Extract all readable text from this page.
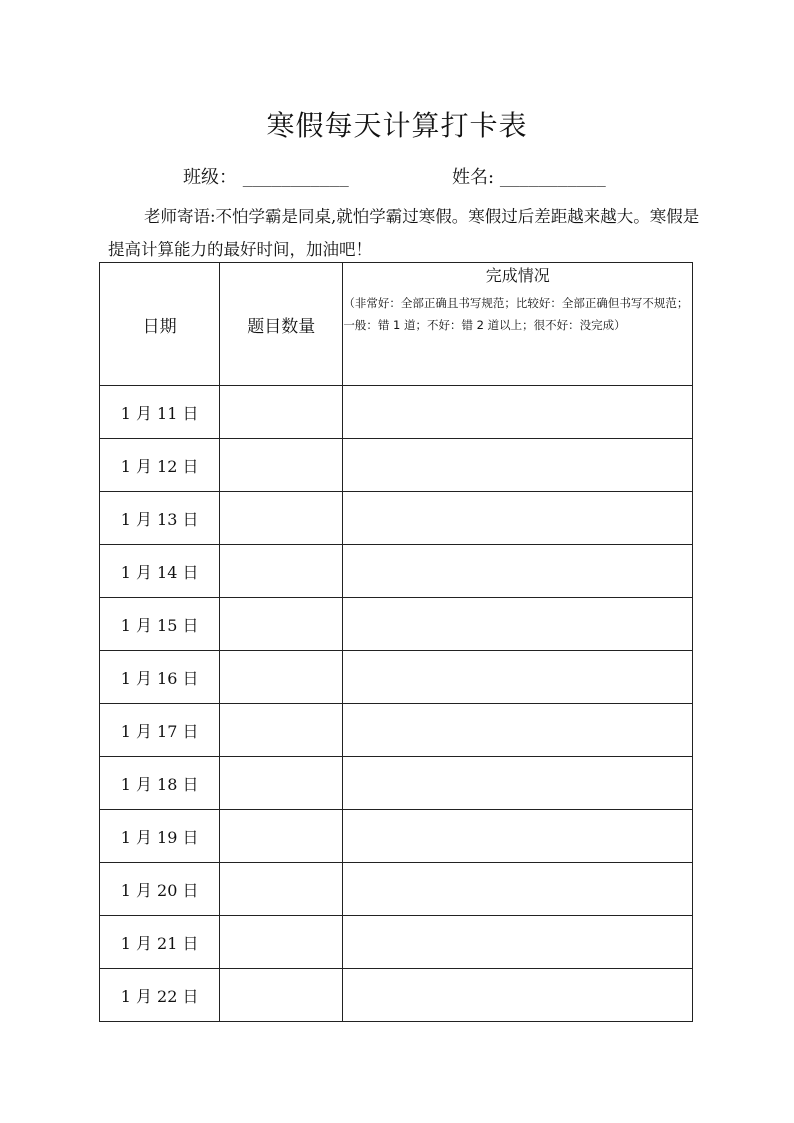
寒假每天计算打卡表
班级： ___________	姓名: ___________
老师寄语:不怕学霸是同桌,就怕学霸过寒假。寒假过后差距越来越大。寒假是提高计算能力的最好时间，加油吧！
日期	题目数量	完成情况
（非常好：全部正确且书写规范；比较好：全部正确但书写不规范；一般：错 1 道；不好：错 2 道以上；很不好：没完成）

1 月 11 日		
1 月 12 日		
1 月 13 日		
1 月 14 日		
1 月 15 日		
1 月 16 日		
1 月 17 日		
1 月 18 日		
1 月 19 日		
1 月 20 日		
1 月 21 日		
1 月 22 日		
